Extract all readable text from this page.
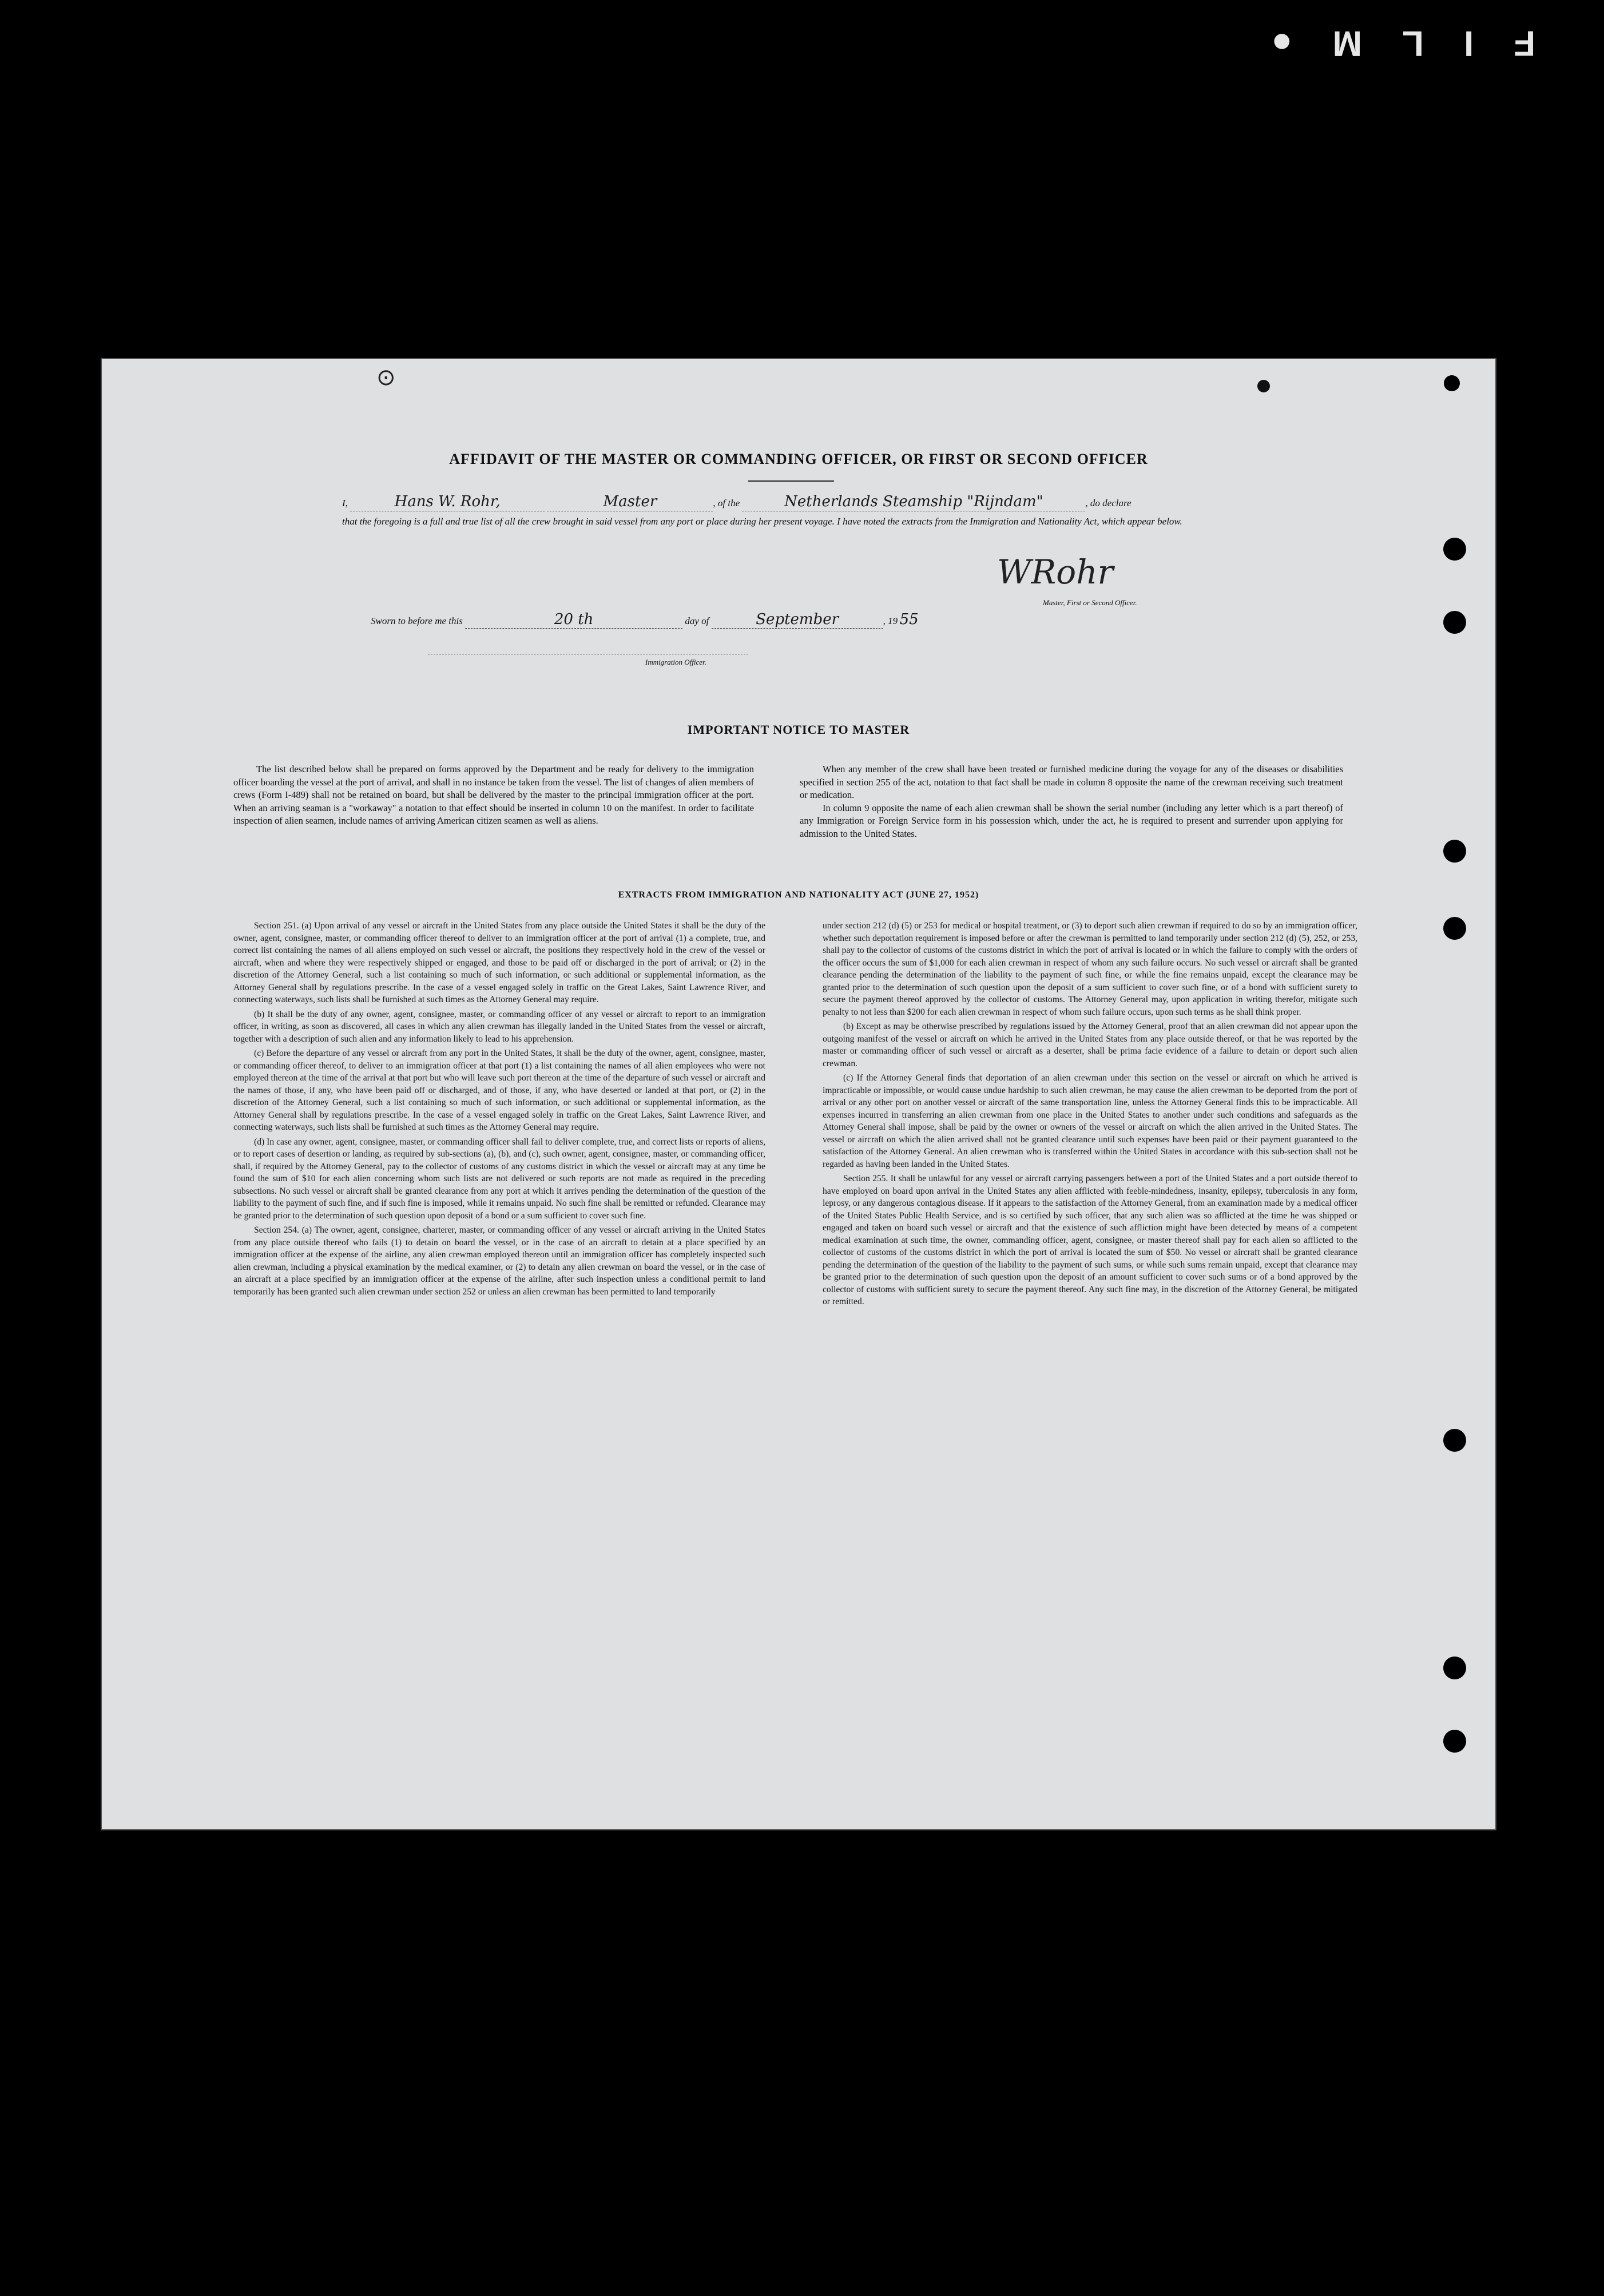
FILM●
⊙
AFFIDAVIT OF THE MASTER OR COMMANDING OFFICER, OR FIRST OR SECOND OFFICER
I,	Hans W. Rohr,	Master	, of the	Netherlands Steamship "Rijndam"	, do declare
that the foregoing is a full and true list of all the crew brought in said vessel from any port or place during her present voyage. I have noted the extracts from the Immigration and Nationality Act, which appear below.
WRohr
Master, First or Second Officer.
Sworn to before me this	20 th	day of	September	, 19 55
Immigration Officer.
IMPORTANT NOTICE TO MASTER

The list described below shall be prepared on forms approved by the Department and be ready for delivery to the immigration officer boarding the vessel at the port of arrival, and shall in no instance be taken from the vessel. The list of changes of alien members of crews (Form I-489) shall not be retained on board, but shall be delivered by the master to the principal immigration officer at the port. When an arriving seaman is a "workaway" a notation to that effect should be inserted in column 10 on the manifest. In order to facilitate inspection of alien seamen, include names of arriving American citizen seamen as well as aliens.

When any member of the crew shall have been treated or furnished medicine during the voyage for any of the diseases or disabilities specified in section 255 of the act, notation to that fact shall be made in column 8 opposite the name of the crewman receiving such treatment or medication.

In column 9 opposite the name of each alien crewman shall be shown the serial number (including any letter which is a part thereof) of any Immigration or Foreign Service form in his possession which, under the act, he is required to present and surrender upon applying for admission to the United States.

EXTRACTS FROM IMMIGRATION AND NATIONALITY ACT (JUNE 27, 1952)

Section 251. (a) Upon arrival of any vessel or aircraft in the United States from any place outside the United States it shall be the duty of the owner, agent, consignee, master, or commanding officer thereof to deliver to an immigration officer at the port of arrival (1) a complete, true, and correct list containing the names of all aliens employed on such vessel or aircraft, the positions they respectively hold in the crew of the vessel or aircraft, when and where they were respectively shipped or engaged, and those to be paid off or discharged in the port of arrival; or (2) in the discretion of the Attorney General, such a list containing so much of such information, or such additional or supplemental information, as the Attorney General shall by regulations prescribe. In the case of a vessel engaged solely in traffic on the Great Lakes, Saint Lawrence River, and connecting waterways, such lists shall be furnished at such times as the Attorney General may require.

(b) It shall be the duty of any owner, agent, consignee, master, or commanding officer of any vessel or aircraft to report to an immigration officer, in writing, as soon as discovered, all cases in which any alien crewman has illegally landed in the United States from the vessel or aircraft, together with a description of such alien and any information likely to lead to his apprehension.

(c) Before the departure of any vessel or aircraft from any port in the United States, it shall be the duty of the owner, agent, consignee, master, or commanding officer thereof, to deliver to an immigration officer at that port (1) a list containing the names of all alien employees who were not employed thereon at the time of the arrival at that port but who will leave such port thereon at the time of the departure of such vessel or aircraft and the names of those, if any, who have been paid off or discharged, and of those, if any, who have deserted or landed at that port, or (2) in the discretion of the Attorney General, such a list containing so much of such information, or such additional or supplemental information, as the Attorney General shall by regulations prescribe. In the case of a vessel engaged solely in traffic on the Great Lakes, Saint Lawrence River, and connecting waterways, such lists shall be furnished at such times as the Attorney General may require.

(d) In case any owner, agent, consignee, master, or commanding officer shall fail to deliver complete, true, and correct lists or reports of aliens, or to report cases of desertion or landing, as required by sub-sections (a), (b), and (c), such owner, agent, consignee, master, or commanding officer, shall, if required by the Attorney General, pay to the collector of customs of any customs district in which the vessel or aircraft may at any time be found the sum of $10 for each alien concerning whom such lists are not delivered or such reports are not made as required in the preceding subsections. No such vessel or aircraft shall be granted clearance from any port at which it arrives pending the determination of the question of the liability to the payment of such fine, and if such fine is imposed, while it remains unpaid. No such fine shall be remitted or refunded. Clearance may be granted prior to the determination of such question upon deposit of a bond or a sum sufficient to cover such fine.

Section 254. (a) The owner, agent, consignee, charterer, master, or commanding officer of any vessel or aircraft arriving in the United States from any place outside thereof who fails (1) to detain on board the vessel, or in the case of an aircraft to detain at a place specified by an immigration officer at the expense of the airline, any alien crewman employed thereon until an immigration officer has completely inspected such alien crewman, including a physical examination by the medical examiner, or (2) to detain any alien crewman on board the vessel, or in the case of an aircraft at a place specified by an immigration officer at the expense of the airline, after such inspection unless a conditional permit to land temporarily has been granted such alien crewman under section 252 or unless an alien crewman has been permitted to land temporarily

under section 212 (d) (5) or 253 for medical or hospital treatment, or (3) to deport such alien crewman if required to do so by an immigration officer, whether such deportation requirement is imposed before or after the crewman is permitted to land temporarily under section 212 (d) (5), 252, or 253, shall pay to the collector of customs of the customs district in which the port of arrival is located or in which the failure to comply with the orders of the officer occurs the sum of $1,000 for each alien crewman in respect of whom any such failure occurs. No such vessel or aircraft shall be granted clearance pending the determination of the liability to the payment of such fine, or while the fine remains unpaid, except the clearance may be granted prior to the determination of such question upon the deposit of a sum sufficient to cover such fine, or of a bond with sufficient surety to secure the payment thereof approved by the collector of customs. The Attorney General may, upon application in writing therefor, mitigate such penalty to not less than $200 for each alien crewman in respect of whom such failure occurs, upon such terms as he shall think proper.

(b) Except as may be otherwise prescribed by regulations issued by the Attorney General, proof that an alien crewman did not appear upon the outgoing manifest of the vessel or aircraft on which he arrived in the United States from any place outside thereof, or that he was reported by the master or commanding officer of such vessel or aircraft as a deserter, shall be prima facie evidence of a failure to detain or deport such alien crewman.

(c) If the Attorney General finds that deportation of an alien crewman under this section on the vessel or aircraft on which he arrived is impracticable or impossible, or would cause undue hardship to such alien crewman, he may cause the alien crewman to be deported from the port of arrival or any other port on another vessel or aircraft of the same transportation line, unless the Attorney General finds this to be impracticable. All expenses incurred in transferring an alien crewman from one place in the United States to another under such conditions and safeguards as the Attorney General shall impose, shall be paid by the owner or owners of the vessel or aircraft on which the alien arrived in the United States. The vessel or aircraft on which the alien arrived shall not be granted clearance until such expenses have been paid or their payment guaranteed to the satisfaction of the Attorney General. An alien crewman who is transferred within the United States in accordance with this sub-section shall not be regarded as having been landed in the United States.

Section 255. It shall be unlawful for any vessel or aircraft carrying passengers between a port of the United States and a port outside thereof to have employed on board upon arrival in the United States any alien afflicted with feeble-mindedness, insanity, epilepsy, tuberculosis in any form, leprosy, or any dangerous contagious disease. If it appears to the satisfaction of the Attorney General, from an examination made by a medical officer of the United States Public Health Service, and is so certified by such officer, that any such alien was so afflicted at the time he was shipped or engaged and taken on board such vessel or aircraft and that the existence of such affliction might have been detected by means of a competent medical examination at such time, the owner, commanding officer, agent, consignee, or master thereof shall pay for each alien so afflicted to the collector of customs of the customs district in which the port of arrival is located the sum of $50. No vessel or aircraft shall be granted clearance pending the determination of the question of the liability to the payment of such sums, or while such sums remain unpaid, except that clearance may be granted prior to the determination of such question upon the deposit of an amount sufficient to cover such sums or of a bond approved by the collector of customs with sufficient surety to secure the payment thereof. Any such fine may, in the discretion of the Attorney General, be mitigated or remitted.
